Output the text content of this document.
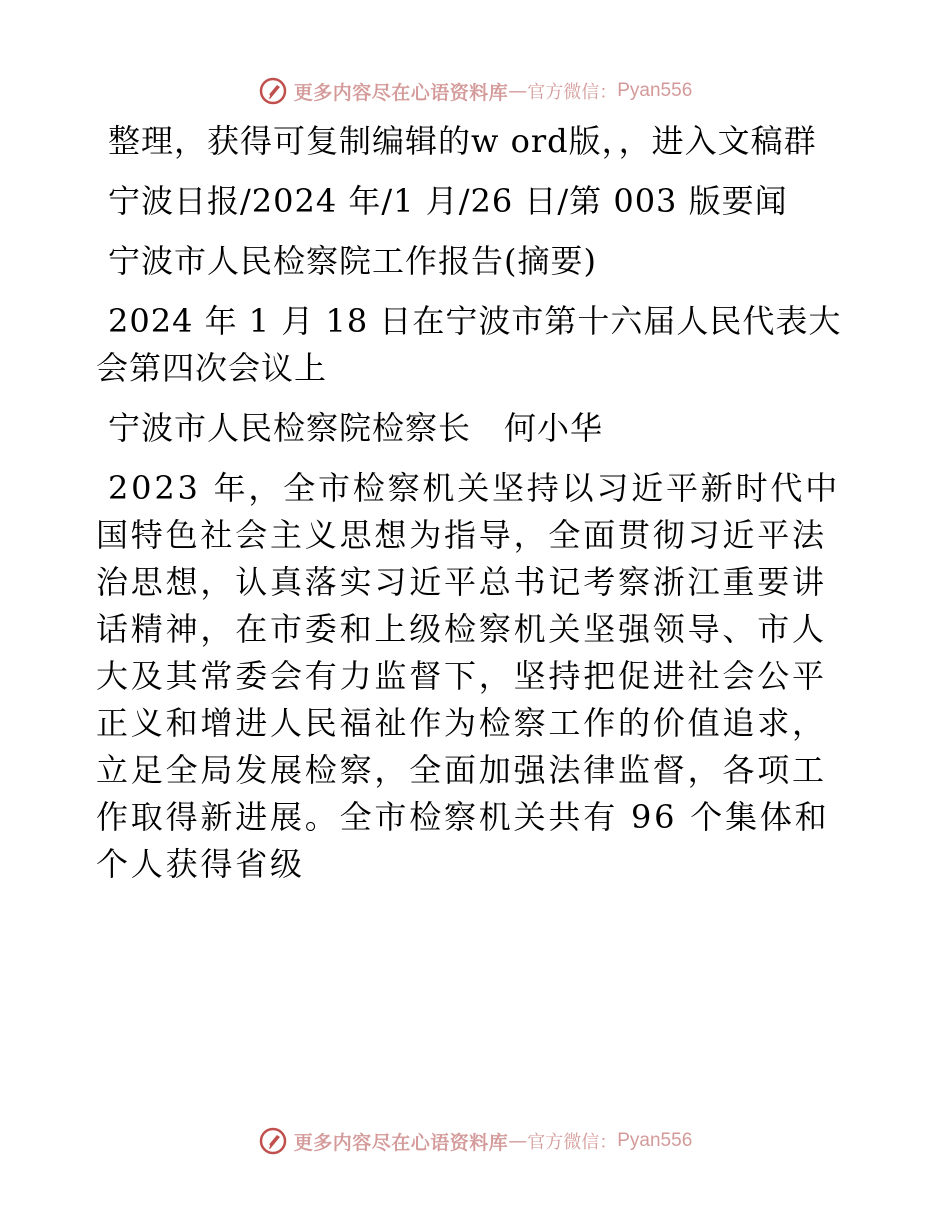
更多内容尽在心语资料库 — 官方微信： Pyan556

整理，获得可复制编辑的w ord版，，进入文稿群

宁波日报/2024 年/1 月/26 日/第 003 版要闻

宁波市人民检察院工作报告(摘要)

2024 年 1 月 18 日在宁波市第十六届人民代表大会第四次会议上

宁波市人民检察院检察长　何小华

2023 年，全市检察机关坚持以习近平新时代中国特色社会主义思想为指导，全面贯彻习近平法治思想，认真落实习近平总书记考察浙江重要讲话精神，在市委和上级检察机关坚强领导、市人大及其常委会有力监督下，坚持把促进社会公平正义和增进人民福祉作为检察工作的价值追求，立足全局发展检察，全面加强法律监督，各项工作取得新进展。全市检察机关共有 96 个集体和个人获得省级

更多内容尽在心语资料库 — 官方微信： Pyan556
